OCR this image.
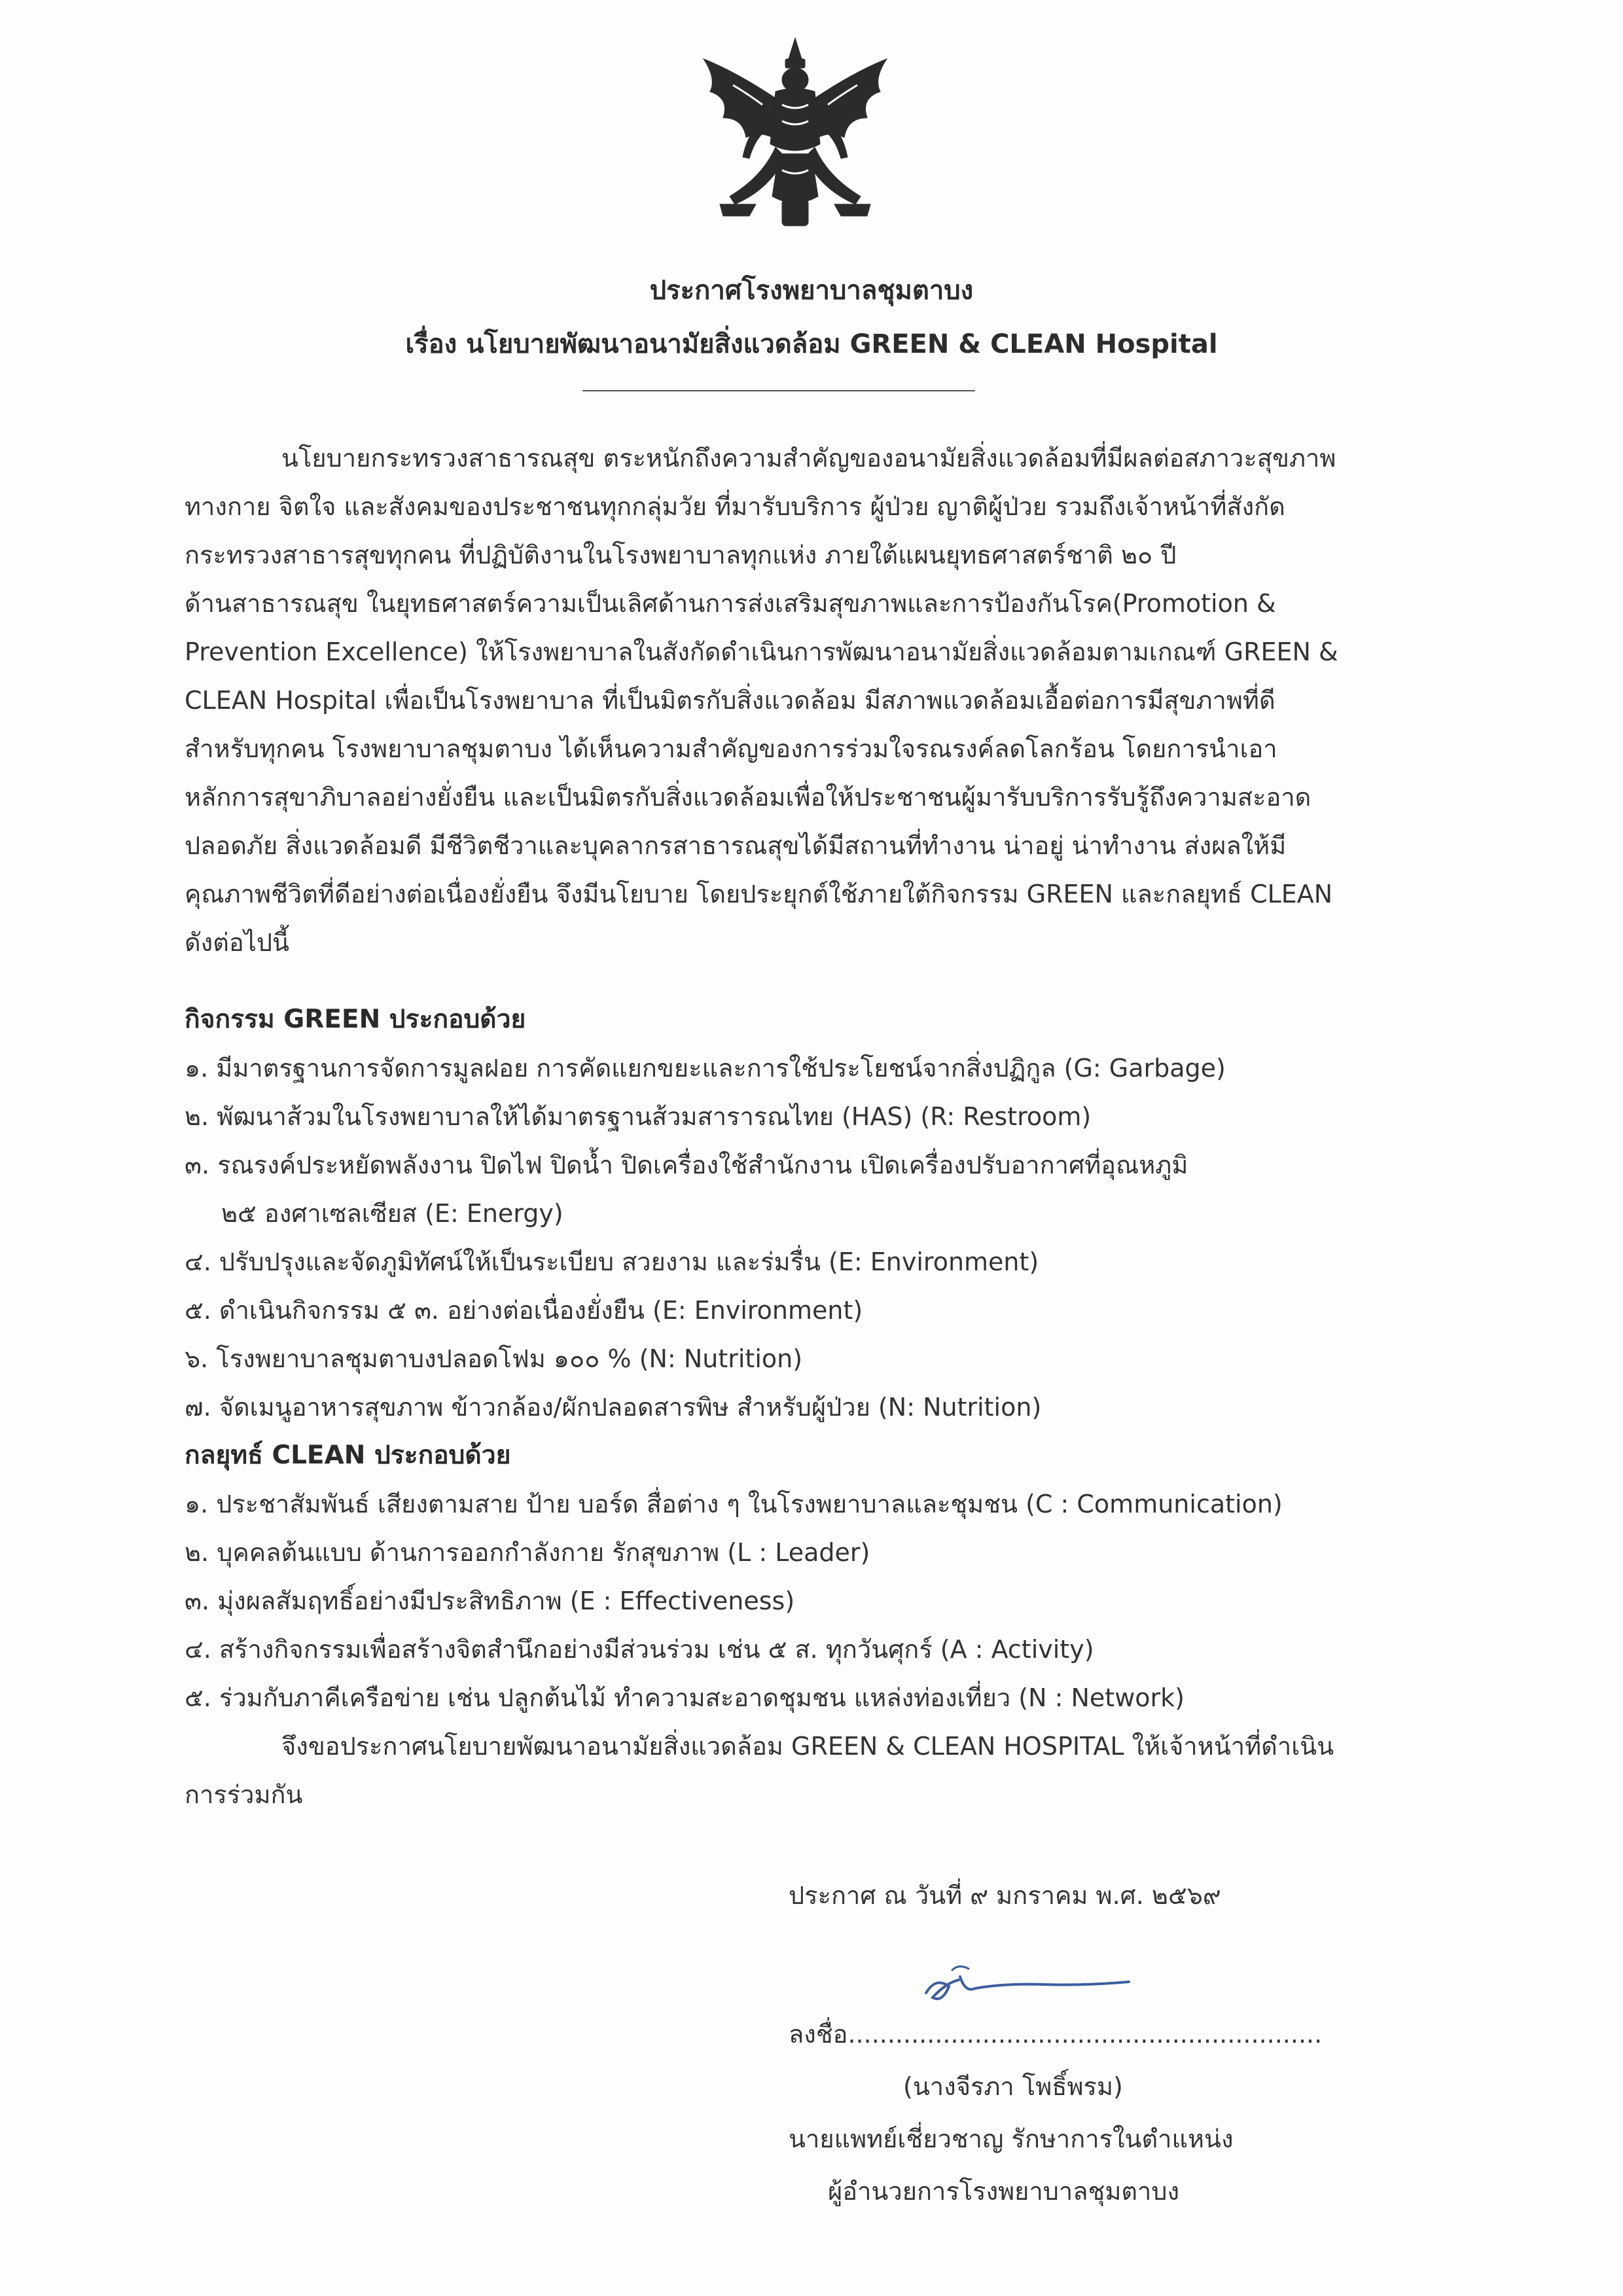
ประกาศโรงพยาบาลชุมตาบง
เรื่อง นโยบายพัฒนาอนามัยสิ่งแวดล้อม GREEN & CLEAN Hospital
นโยบายกระทรวงสาธารณสุข ตระหนักถึงความสำคัญของอนามัยสิ่งแวดล้อมที่มีผลต่อสภาวะสุขภาพ
ทางกาย จิตใจ และสังคมของประชาชนทุกกลุ่มวัย ที่มารับบริการ ผู้ป่วย ญาติผู้ป่วย รวมถึงเจ้าหน้าที่สังกัด
กระทรวงสาธารสุขทุกคน ที่ปฏิบัติงานในโรงพยาบาลทุกแห่ง ภายใต้แผนยุทธศาสตร์ชาติ ๒๐ ปี
ด้านสาธารณสุข ในยุทธศาสตร์ความเป็นเลิศด้านการส่งเสริมสุขภาพและการป้องกันโรค(Promotion &
Prevention Excellence) ให้โรงพยาบาลในสังกัดดำเนินการพัฒนาอนามัยสิ่งแวดล้อมตามเกณฑ์ GREEN &
CLEAN Hospital เพื่อเป็นโรงพยาบาล ที่เป็นมิตรกับสิ่งแวดล้อม มีสภาพแวดล้อมเอื้อต่อการมีสุขภาพที่ดี
สำหรับทุกคน โรงพยาบาลชุมตาบง ได้เห็นความสำคัญของการร่วมใจรณรงค์ลดโลกร้อน โดยการนำเอา
หลักการสุขาภิบาลอย่างยั่งยืน และเป็นมิตรกับสิ่งแวดล้อมเพื่อให้ประชาชนผู้มารับบริการรับรู้ถึงความสะอาด
ปลอดภัย สิ่งแวดล้อมดี มีชีวิตชีวาและบุคลากรสาธารณสุขได้มีสถานที่ทำงาน น่าอยู่ น่าทำงาน ส่งผลให้มี
คุณภาพชีวิตที่ดีอย่างต่อเนื่องยั่งยืน จึงมีนโยบาย โดยประยุกต์ใช้ภายใต้กิจกรรม GREEN และกลยุทธ์ CLEAN
ดังต่อไปนี้
กิจกรรม GREEN ประกอบด้วย
๑. มีมาตรฐานการจัดการมูลฝอย การคัดแยกขยะและการใช้ประโยชน์จากสิ่งปฏิกูล (G: Garbage)
๒. พัฒนาส้วมในโรงพยาบาลให้ได้มาตรฐานส้วมสารารณไทย (HAS) (R: Restroom)
๓. รณรงค์ประหยัดพลังงาน ปิดไฟ ปิดน้ำ ปิดเครื่องใช้สำนักงาน เปิดเครื่องปรับอากาศที่อุณหภูมิ
๒๕ องศาเซลเซียส (E: Energy)
๔. ปรับปรุงและจัดภูมิทัศน์ให้เป็นระเบียบ สวยงาม และร่มรื่น (E: Environment)
๕. ดำเนินกิจกรรม ๕ ๓. อย่างต่อเนื่องยั่งยืน (E: Environment)
๖. โรงพยาบาลชุมตาบงปลอดโฟม ๑๐๐ % (N: Nutrition)
๗. จัดเมนูอาหารสุขภาพ ข้าวกล้อง/ผักปลอดสารพิษ สำหรับผู้ป่วย (N: Nutrition)
กลยุทธ์ CLEAN ประกอบด้วย
๑. ประชาสัมพันธ์ เสียงตามสาย ป้าย บอร์ด สื่อต่าง ๆ ในโรงพยาบาลและชุมชน (C : Communication)
๒. บุคคลต้นแบบ ด้านการออกกำลังกาย รักสุขภาพ (L : Leader)
๓. มุ่งผลสัมฤทธิ์อย่างมีประสิทธิภาพ (E : Effectiveness)
๔. สร้างกิจกรรมเพื่อสร้างจิตสำนึกอย่างมีส่วนร่วม เช่น ๕ ส. ทุกวันศุกร์ (A : Activity)
๕. ร่วมกับภาคีเครือข่าย เช่น ปลูกต้นไม้ ทำความสะอาดชุมชน แหล่งท่องเที่ยว (N : Network)
จึงขอประกาศนโยบายพัฒนาอนามัยสิ่งแวดล้อม GREEN & CLEAN HOSPITAL ให้เจ้าหน้าที่ดำเนิน
การร่วมกัน
ประกาศ ณ วันที่ ๙ มกราคม พ.ศ. ๒๕๖๙
ลงชื่อ............................................................
(นางจีรภา โพธิ์พรม)
นายแพทย์เชี่ยวชาญ รักษาการในตำแหน่ง
ผู้อำนวยการโรงพยาบาลชุมตาบง
